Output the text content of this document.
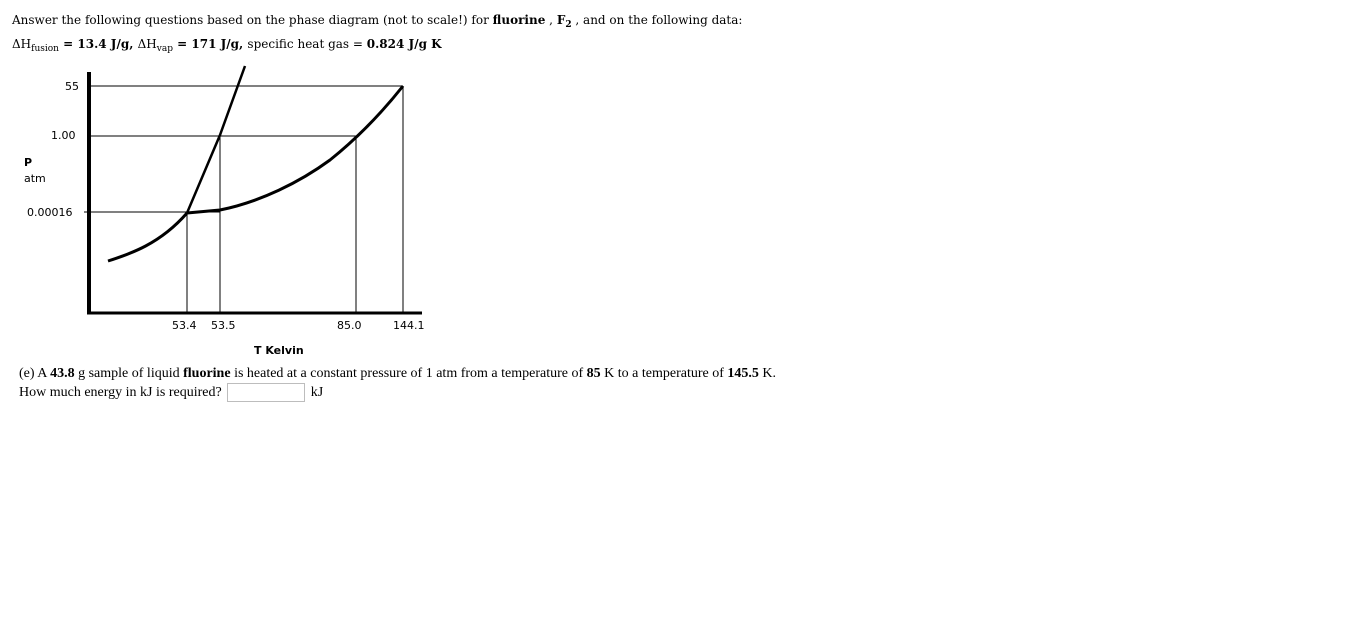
Answer the following questions based on the phase diagram (not to scale!) for fluorine , $F_2$ , and on the following data:
$\Delta H_{fusion} = 13.4$ J/g, $\Delta H_{vap} = 171$ J/g, specific heat gas = 0.824 J/g K
P
atm
55
1.00
0.00016
53.4 53.5	85.0	144.1
T Kelvin
(e) A 43.8 g sample of liquid fluorine is heated at a constant pressure of 1 atm from a temperature of 85 K to a temperature of 145.5 K.
How much energy in kJ is required?	kJ
